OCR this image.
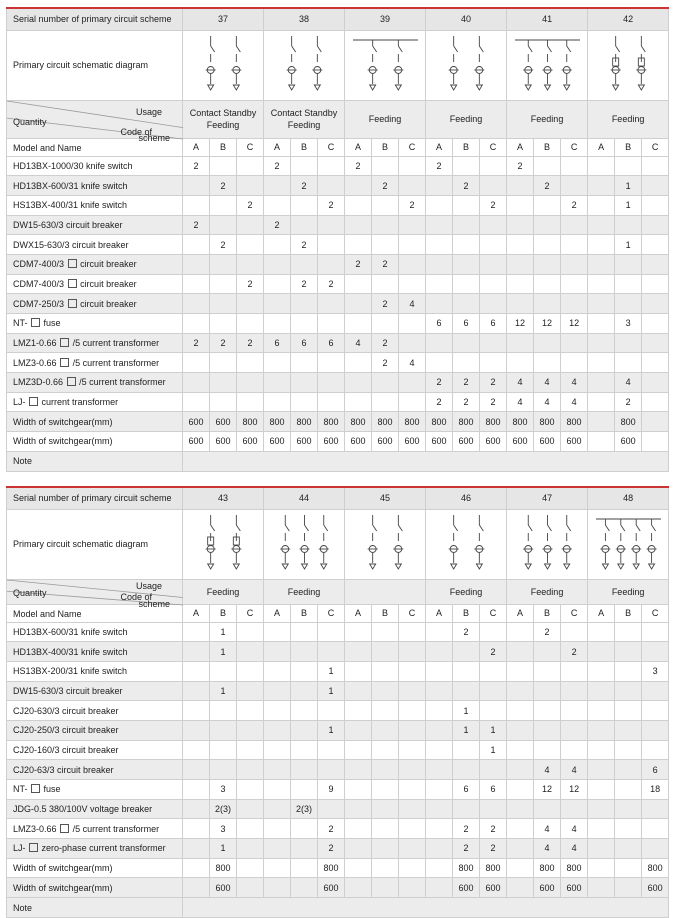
Serial number of primary circuit scheme	37			38			39			40			41			42		
Primary circuit schematic diagram	

Usage
Quantity
Code of	Contact Standby Feeding			Contact Standby Feeding			Feeding			Feeding			Feeding			Feeding		

scheme
Model and Name	A	B	C	A	B	C	A	B	C	A	B	C	A	B	C	A	B	C
HD13BX-1000/30 knife switch	2			2			2			2			2					
HD13BX-600/31 knife switch		2			2			2			2			2			1	
HS13BX-400/31 knife switch			2			2			2			2			2		1	
DW15-630/3 circuit breaker	2			2														
DWX15-630/3 circuit breaker		2			2												1	
CDM7-400/3 circuit breaker							2	2										
CDM7-400/3 circuit breaker			2		2	2												
CDM7-250/3 circuit breaker								2	4									
NT- fuse										6	6	6	12	12	12		3	
LMZ1-0.66 /5 current transformer	2	2	2	6	6	6	4	2										
LMZ3-0.66 /5 current transformer								2	4									
LMZ3D-0.66 /5 current transformer										2	2	2	4	4	4		4	
LJ- current transformer										2	2	2	4	4	4		2	
Width of switchgear(mm)	600	600	800	800	800	800	800	800	800	800	800	800	800	800	800		800	
Width of switchgear(mm)	600	600	600	600	600	600	600	600	600	600	600	600	600	600	600		600	
Note																		
Serial number of primary circuit scheme	43			44			45			46			47			48		
Primary circuit schematic diagram	

Usage
Quantity Code of	Feeding			Feeding						Feeding			Feeding			Feeding		

scheme
Model and Name	A	B	C	A	B	C	A	B	C	A	B	C	A	B	C	A	B	C
HD13BX-600/31 knife switch		1									2			2				
HD13BX-400/31 knife switch		1										2			2			
HS13BX-200/31 knife switch						1												3
DW15-630/3 circuit breaker		1				1												
CJ20-630/3 circuit breaker											1							
CJ20-250/3 circuit breaker						1					1	1						
CJ20-160/3 circuit breaker												1						
CJ20-63/3 circuit breaker														4	4			6
NT- fuse		3				9					6	6		12	12			18
JDG-0.5 380/100V voltage breaker		2(3)			2(3)													
LMZ3-0.66 /5 current transformer		3				2					2	2		4	4			
LJ- zero-phase current transformer		1				2					2	2		4	4			
Width of switchgear(mm)		800				800					800	800		800	800			800
Width of switchgear(mm)		600				600					600	600		600	600			600
Note																		
